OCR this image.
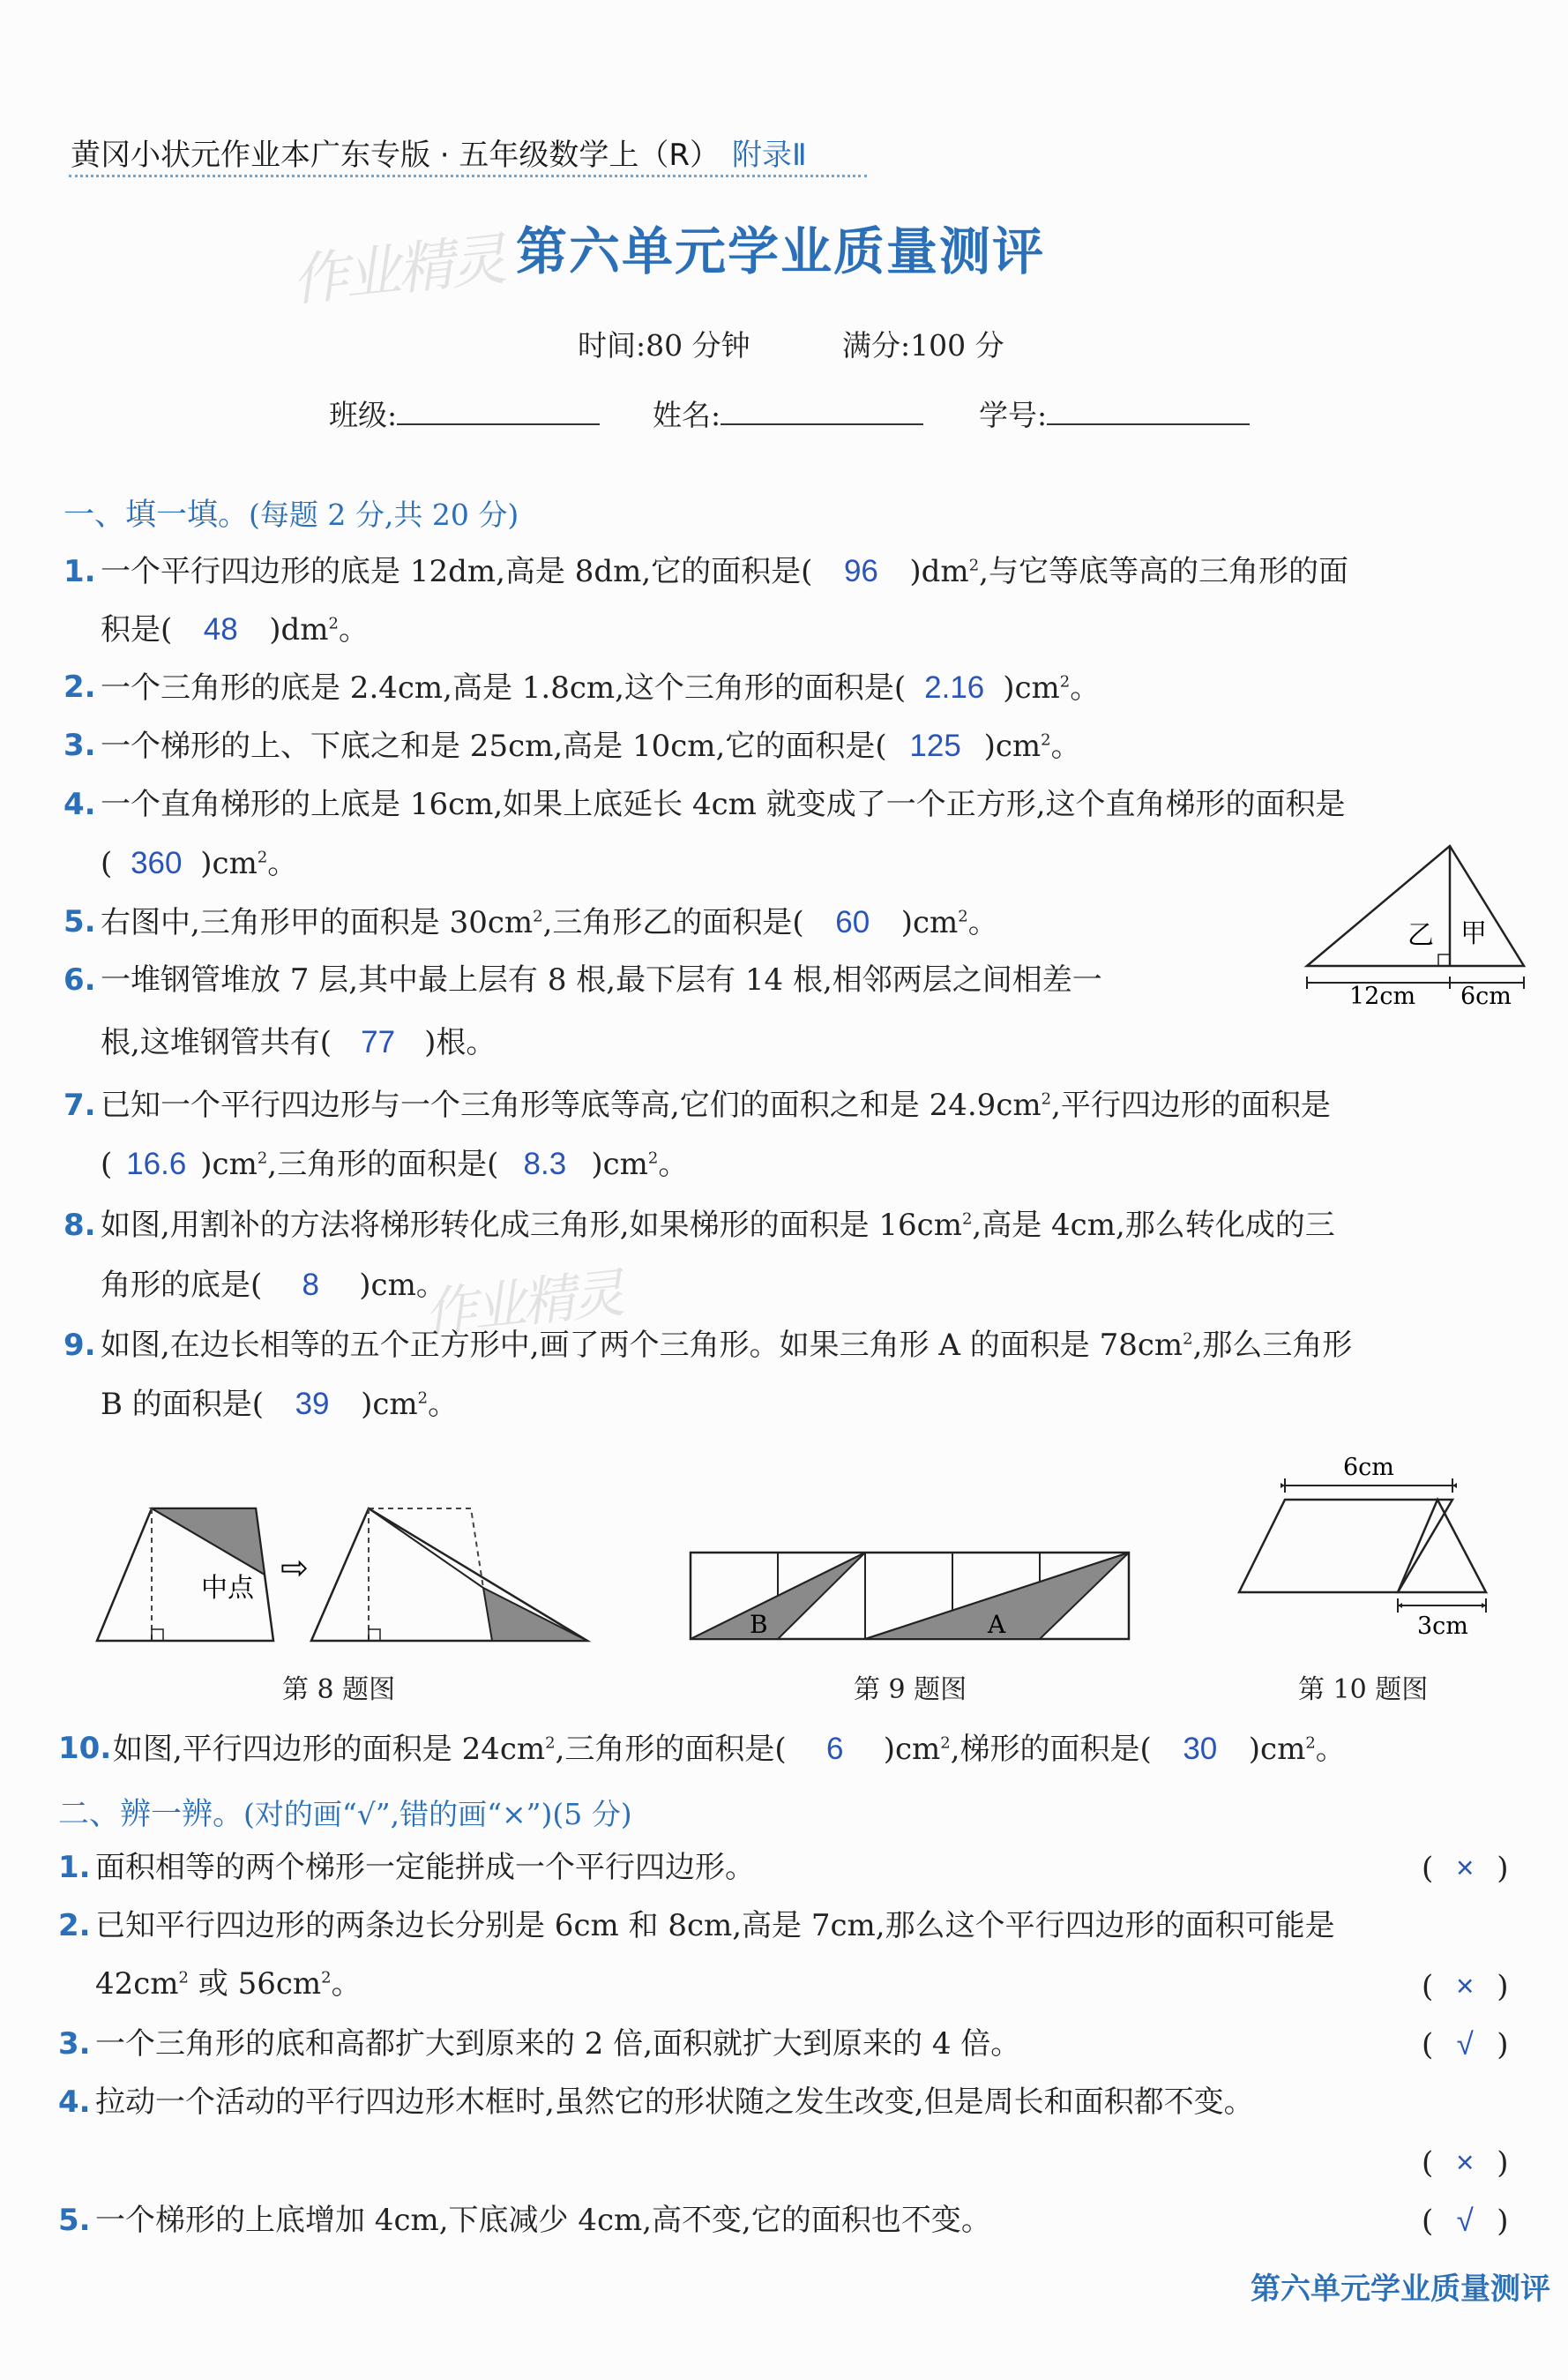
黄冈小状元作业本广东专版 · 五年级数学上（R） 附录Ⅱ
作业精灵 第六单元学业质量测评
时间:80 分钟	满分:100 分
班级:	姓名:	学号:
一、填一填。(每题 2 分,共 20 分)
1. 一个平行四边形的底是 12dm,高是 8dm,它的面积是( 96 )$dm^2$,与它等底等高的三角形的面
积是( 48 )$dm^2$。
2. 一个三角形的底是 2.4cm,高是 1.8cm,这个三角形的面积是( 2.16 )$cm^2$。
3. 一个梯形的上、下底之和是 25cm,高是 10cm,它的面积是( 125 )$cm^2$。
4. 一个直角梯形的上底是 16cm,如果上底延长 4cm 就变成了一个正方形,这个直角梯形的面积是
( 360 )$cm^2$。
5. 右图中,三角形甲的面积是 $30cm^2$,三角形乙的面积是( 60 )$cm^2$。	乙 甲
12cm 6cm
6. 一堆钢管堆放 7 层,其中最上层有 8 根,最下层有 14 根,相邻两层之间相差一
根,这堆钢管共有( 77 )根。
7. 已知一个平行四边形与一个三角形等底等高,它们的面积之和是 $24.9cm^2$,平行四边形的面积是
( 16.6 )$cm^2$,三角形的面积是( 8.3 )$cm^2$。
8. 如图,用割补的方法将梯形转化成三角形,如果梯形的面积是 $16cm^2$,高是 4cm,那么转化成的三
角形的底是( 8 )cm。
作业精灵
9. 如图,在边长相等的五个正方形中,画了两个三角形。如果三角形 A 的面积是 $78cm^2$,那么三角形
B 的面积是( 39 )$cm^2$。
中点
⇨
第 8 题图
B	A
第 9 题图
6cm
3cm
第 10 题图
10. 如图,平行四边形的面积是 $24cm^2$,三角形的面积是( 6 )$cm^2$,梯形的面积是( 30 )$cm^2$。
二、辨一辨。(对的画“√”,错的画“×”)(5 分)
1. 面积相等的两个梯形一定能拼成一个平行四边形。	( × )
2. 已知平行四边形的两条边长分别是 6cm 和 8cm,高是 7cm,那么这个平行四边形的面积可能是
$42cm^2$ 或 $56cm^2$。	( × )
3. 一个三角形的底和高都扩大到原来的 2 倍,面积就扩大到原来的 4 倍。	( √ )
4. 拉动一个活动的平行四边形木框时,虽然它的形状随之发生改变,但是周长和面积都不变。
( × )
5. 一个梯形的上底增加 4cm,下底减少 4cm,高不变,它的面积也不变。	( √ )
第六单元学业质量测评
